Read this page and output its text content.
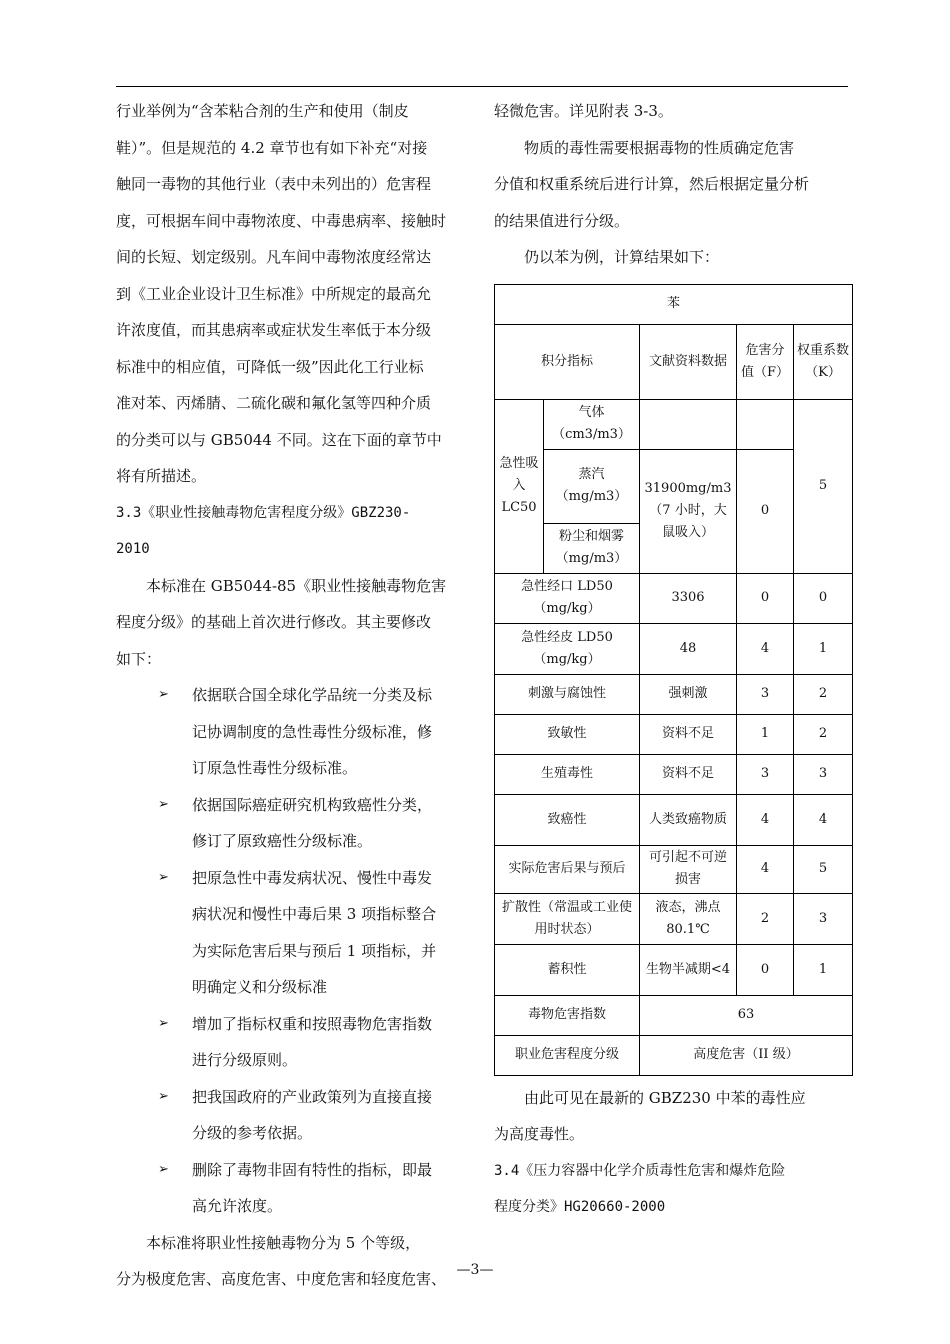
行业举例为“含苯粘合剂的生产和使用（制皮
鞋）”。但是规范的 4.2 章节也有如下补充“对接
触同一毒物的其他行业（表中未列出的）危害程
度，可根据车间中毒物浓度、中毒患病率、接触时
间的长短、划定级别。凡车间中毒物浓度经常达
到《工业企业设计卫生标准》中所规定的最高允
许浓度值，而其患病率或症状发生率低于本分级
标准中的相应值，可降低一级”因此化工行业标
准对苯、丙烯腈、二硫化碳和氟化氢等四种介质
的分类可以与 GB5044 不同。这在下面的章节中
将有所描述。
3.3《职业性接触毒物危害程度分级》GBZ230-
2010
　　本标准在 GB5044-85《职业性接触毒物危害
程度分级》的基础上首次进行修改。其主要修改
如下：
➢ 依据联合国全球化学品统一分类及标
记协调制度的急性毒性分级标准，修
订原急性毒性分级标准。
➢ 依据国际癌症研究机构致癌性分类，
修订了原致癌性分级标准。
➢ 把原急性中毒发病状况、慢性中毒发
病状况和慢性中毒后果 3 项指标整合
为实际危害后果与预后 1 项指标，并
明确定义和分级标准
➢ 增加了指标权重和按照毒物危害指数
进行分级原则。
➢ 把我国政府的产业政策列为直接直接
分级的参考依据。
➢ 删除了毒物非固有特性的指标，即最
高允许浓度。
　　本标准将职业性接触毒物分为 5 个等级，
分为极度危害、高度危害、中度危害和轻度危害、
轻微危害。详见附表 3-3。
　　物质的毒性需要根据毒物的性质确定危害
分值和权重系统后进行计算，然后根据定量分析
的结果值进行分级。
　　仍以苯为例，计算结果如下：
苯				
积分指标		文献资料数据	危害分值（F）	权重系数（K）
急性吸入LC50	气体（cm3/m3）			5
	蒸汽（mg/m3）	31900mg/m3（7 小时，大鼠吸入）	0	
	粉尘和烟雾（mg/m3）			
急性经口 LD50（mg/kg）		3306	0	0
急性经皮 LD50 （mg/kg）		48	4	1
刺激与腐蚀性		强刺激	3	2
致敏性		资料不足	1	2
生殖毒性		资料不足	3	3
致癌性		人类致癌物质	4	4
实际危害后果与预后		可引起不可逆损害	4	5
扩散性（常温或工业使用时状态）		液态，沸点 80.1℃	2	3
蓄积性		生物半减期<4	0	1
毒物危害指数		63		
职业危害程度分级		高度危害（II 级）		
　　由此可见在最新的 GBZ230 中苯的毒性应
为高度毒性。
3.4《压力容器中化学介质毒性危害和爆炸危险
程度分类》HG20660-2000
—3—
